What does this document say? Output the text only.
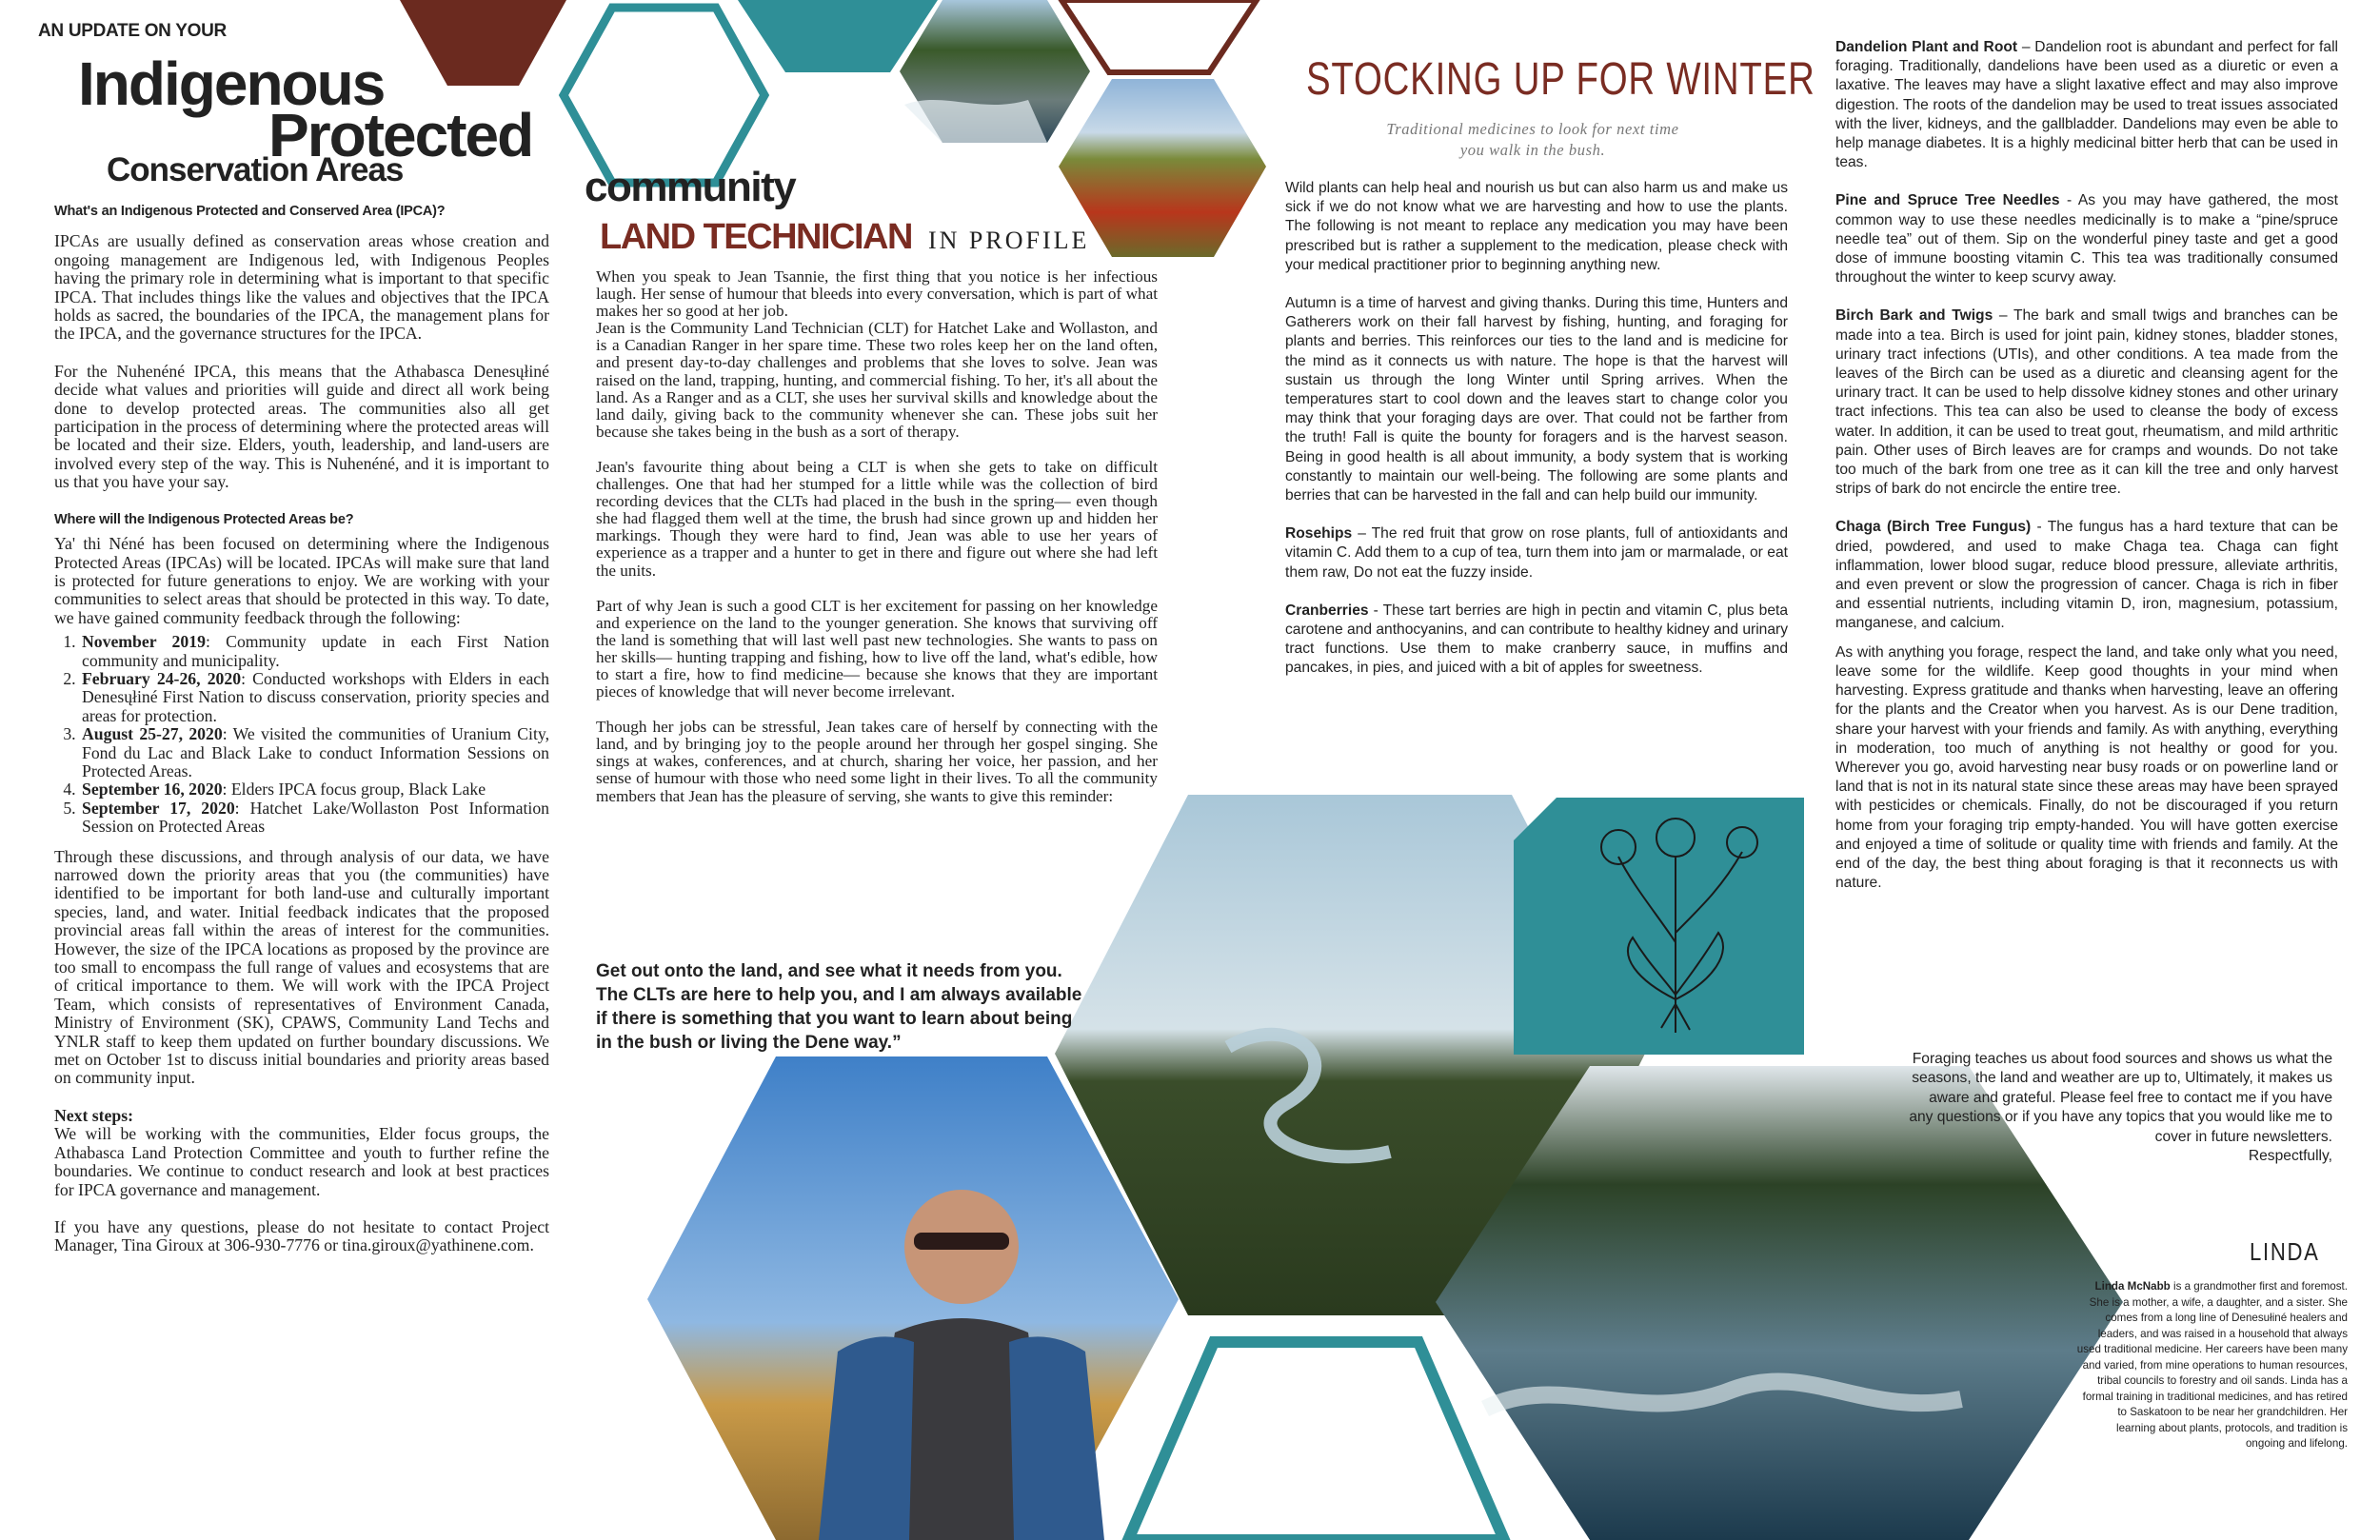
AN UPDATE ON YOUR
Indigenous
Protected
Conservation Areas

What's an Indigenous Protected and Conserved Area (IPCA)?

IPCAs are usually defined as conservation areas whose creation and ongoing management are Indigenous led, with Indigenous Peoples having the primary role in determining what is important to that specific IPCA. That includes things like the values and objectives that the IPCA holds as sacred, the boundaries of the IPCA, the management plans for the IPCA, and the governance structures for the IPCA.

For the Nuhenéné IPCA, this means that the Athabasca Denesųłiné decide what values and priorities will guide and direct all work being done to develop protected areas. The communities also all get participation in the process of determining where the protected areas will be located and their size. Elders, youth, leadership, and land-users are involved every step of the way. This is Nuhenéné, and it is important to us that you have your say.

Where will the Indigenous Protected Areas be?

Ya' thi Néné has been focused on determining where the Indigenous Protected Areas (IPCAs) will be located. IPCAs will make sure that land is protected for future generations to enjoy. We are working with your communities to select areas that should be protected in this way. To date, we have gained community feedback through the following:

1. November 2019: Community update in each First Nation community and municipality.
2. February 24-26, 2020: Conducted workshops with Elders in each Denesųłiné First Nation to discuss conservation, priority species and areas for protection.
3. August 25-27, 2020: We visited the communities of Uranium City, Fond du Lac and Black Lake to conduct Information Sessions on Protected Areas.
4. September 16, 2020: Elders IPCA focus group, Black Lake
5. September 17, 2020: Hatchet Lake/Wollaston Post Information Session on Protected Areas

Through these discussions, and through analysis of our data, we have narrowed down the priority areas that you (the communities) have identified to be important for both land-use and culturally important species, land, and water. Initial feedback indicates that the proposed provincial areas fall within the areas of interest for the communities. However, the size of the IPCA locations as proposed by the province are too small to encompass the full range of values and ecosystems that are of critical importance to them. We will work with the IPCA Project Team, which consists of representatives of Environment Canada, Ministry of Environment (SK), CPAWS, Community Land Techs and YNLR staff to keep them updated on further boundary discussions. We met on October 1st to discuss initial boundaries and priority areas based on community input.

Next steps:

We will be working with the communities, Elder focus groups, the Athabasca Land Protection Committee and youth to further refine the boundaries. We continue to conduct research and look at best practices for IPCA governance and management.

If you have any questions, please do not hesitate to contact Project Manager, Tina Giroux at 306-930-7776 or tina.giroux@yathinene.com.

community
LAND TECHNICIAN IN PROFILE

When you speak to Jean Tsannie, the first thing that you notice is her infectious laugh. Her sense of humour that bleeds into every conversation, which is part of what makes her so good at her job.

Jean is the Community Land Technician (CLT) for Hatchet Lake and Wollaston, and is a Canadian Ranger in her spare time. These two roles keep her on the land often, and present day-to-day challenges and problems that she loves to solve. Jean was raised on the land, trapping, hunting, and commercial fishing. To her, it's all about the land. As a Ranger and as a CLT, she uses her survival skills and knowledge about the land daily, giving back to the community whenever she can. These jobs suit her because she takes being in the bush as a sort of therapy.

Jean's favourite thing about being a CLT is when she gets to take on difficult challenges. One that had her stumped for a little while was the collection of bird recording devices that the CLTs had placed in the bush in the spring— even though she had flagged them well at the time, the brush had since grown up and hidden her markings. Though they were hard to find, Jean was able to use her years of experience as a trapper and a hunter to get in there and figure out where she had left the units.

Part of why Jean is such a good CLT is her excitement for passing on her knowledge and experience on the land to the younger generation. She knows that surviving off the land is something that will last well past new technologies. She wants to pass on her skills— hunting trapping and fishing, how to live off the land, what's edible, how to start a fire, how to find medicine— because she knows that they are important pieces of knowledge that will never become irrelevant.

Though her jobs can be stressful, Jean takes care of herself by connecting with the land, and by bringing joy to the people around her through her gospel singing. She sings at wakes, conferences, and at church, sharing her voice, her passion, and her sense of humour with those who need some light in their lives. To all the community members that Jean has the pleasure of serving, she wants to give this reminder:

Get out onto the land, and see what it needs from you. The CLTs are here to help you, and I am always available if there is something that you want to learn about being in the bush or living the Dene way.”
STOCKING UP FOR WINTER
Traditional medicines to look for next time
you walk in the bush.

Wild plants can help heal and nourish us but can also harm us and make us sick if we do not know what we are harvesting and how to use the plants. The following is not meant to replace any medication you may have been prescribed but is rather a supplement to the medication, please check with your medical practitioner prior to beginning anything new.

Autumn is a time of harvest and giving thanks. During this time, Hunters and Gatherers work on their fall harvest by fishing, hunting, and foraging for plants and berries. This reinforces our ties to the land and is medicine for the mind as it connects us with nature. The hope is that the harvest will sustain us through the long Winter until Spring arrives. When the temperatures start to cool down and the leaves start to change color you may think that your foraging days are over. That could not be farther from the truth! Fall is quite the bounty for foragers and is the harvest season. Being in good health is all about immunity, a body system that is working constantly to maintain our well-being. The following are some plants and berries that can be harvested in the fall and can help build our immunity.

Rosehips – The red fruit that grow on rose plants, full of antioxidants and vitamin C. Add them to a cup of tea, turn them into jam or marmalade, or eat them raw, Do not eat the fuzzy inside.

Cranberries - These tart berries are high in pectin and vitamin C, plus beta carotene and anthocyanins, and can contribute to healthy kidney and urinary tract functions. Use them to make cranberry sauce, in muffins and pancakes, in pies, and juiced with a bit of apples for sweetness.

Dandelion Plant and Root – Dandelion root is abundant and perfect for fall foraging. Traditionally, dandelions have been used as a diuretic or even a laxative. The leaves may have a slight laxative effect and may also improve digestion. The roots of the dandelion may be used to treat issues associated with the liver, kidneys, and the gallbladder. Dandelions may even be able to help manage diabetes. It is a highly medicinal bitter herb that can be used in teas.

Pine and Spruce Tree Needles - As you may have gathered, the most common way to use these needles medicinally is to make a “pine/spruce needle tea” out of them. Sip on the wonderful piney taste and get a good dose of immune boosting vitamin C. This tea was traditionally consumed throughout the winter to keep scurvy away.

Birch Bark and Twigs – The bark and small twigs and branches can be made into a tea. Birch is used for joint pain, kidney stones, bladder stones, urinary tract infections (UTIs), and other conditions. A tea made from the leaves of the Birch can be used as a diuretic and cleansing agent for the urinary tract. It can be used to help dissolve kidney stones and other urinary tract infections. This tea can also be used to cleanse the body of excess water. In addition, it can be used to treat gout, rheumatism, and mild arthritic pain. Other uses of Birch leaves are for cramps and wounds. Do not take too much of the bark from one tree as it can kill the tree and only harvest strips of bark do not encircle the entire tree.

Chaga (Birch Tree Fungus) - The fungus has a hard texture that can be dried, powdered, and used to make Chaga tea. Chaga can fight inflammation, lower blood sugar, reduce blood pressure, alleviate arthritis, and even prevent or slow the progression of cancer. Chaga is rich in fiber and essential nutrients, including vitamin D, iron, magnesium, potassium, manganese, and calcium.

As with anything you forage, respect the land, and take only what you need, leave some for the wildlife. Keep good thoughts in your mind when harvesting. Express gratitude and thanks when harvesting, leave an offering for the plants and the Creator when you harvest. As is our Dene tradition, share your harvest with your friends and family. As with anything, everything in moderation, too much of anything is not healthy or good for you. Wherever you go, avoid harvesting near busy roads or on powerline land or land that is not in its natural state since these areas may have been sprayed with pesticides or chemicals. Finally, do not be discouraged if you return home from your foraging trip empty-handed. You will have gotten exercise and enjoyed a time of solitude or quality time with friends and family. At the end of the day, the best thing about foraging is that it reconnects us with nature.

Foraging teaches us about food sources and shows us what the seasons, the land and weather are up to, Ultimately, it makes us aware and grateful. Please feel free to contact me if you have any questions or if you have any topics that you would like me to cover in future newsletters.
Respectfully,
LINDA
Linda McNabb is a grandmother first and foremost. She is a mother, a wife, a daughter, and a sister. She comes from a long line of Denesułiné healers and leaders, and was raised in a household that always used traditional medicine. Her careers have been many and varied, from mine operations to human resources, tribal councils to forestry and oil sands. Linda has a formal training in traditional medicines, and has retired to Saskatoon to be near her grandchildren. Her learning about plants, protocols, and tradition is ongoing and lifelong.
